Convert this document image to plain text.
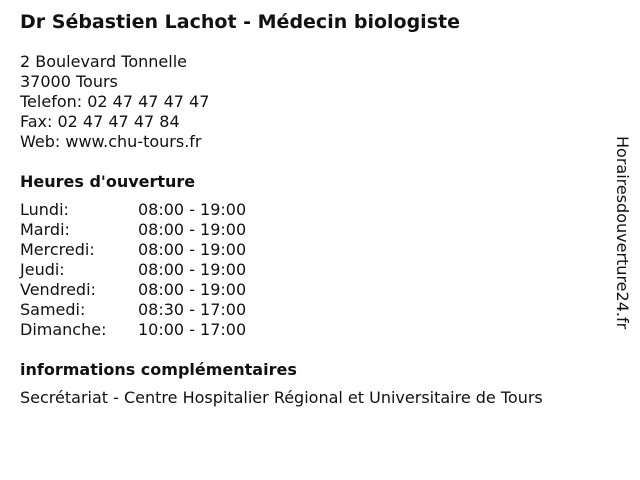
Dr Sébastien Lachot - Médecin biologiste
2 Boulevard Tonnelle
37000 Tours
Telefon: 02 47 47 47 47
Fax: 02 47 47 47 84
Web: www.chu-tours.fr
Heures d'ouverture
Lundi:	08:00 - 19:00
Mardi:	08:00 - 19:00
Mercredi:	08:00 - 19:00
Jeudi:	08:00 - 19:00
Vendredi:	08:00 - 19:00
Samedi:	08:30 - 17:00
Dimanche:	10:00 - 17:00
informations complémentaires
Secrétariat - Centre Hospitalier Régional et Universitaire de Tours
Horairesdouverture24.fr
